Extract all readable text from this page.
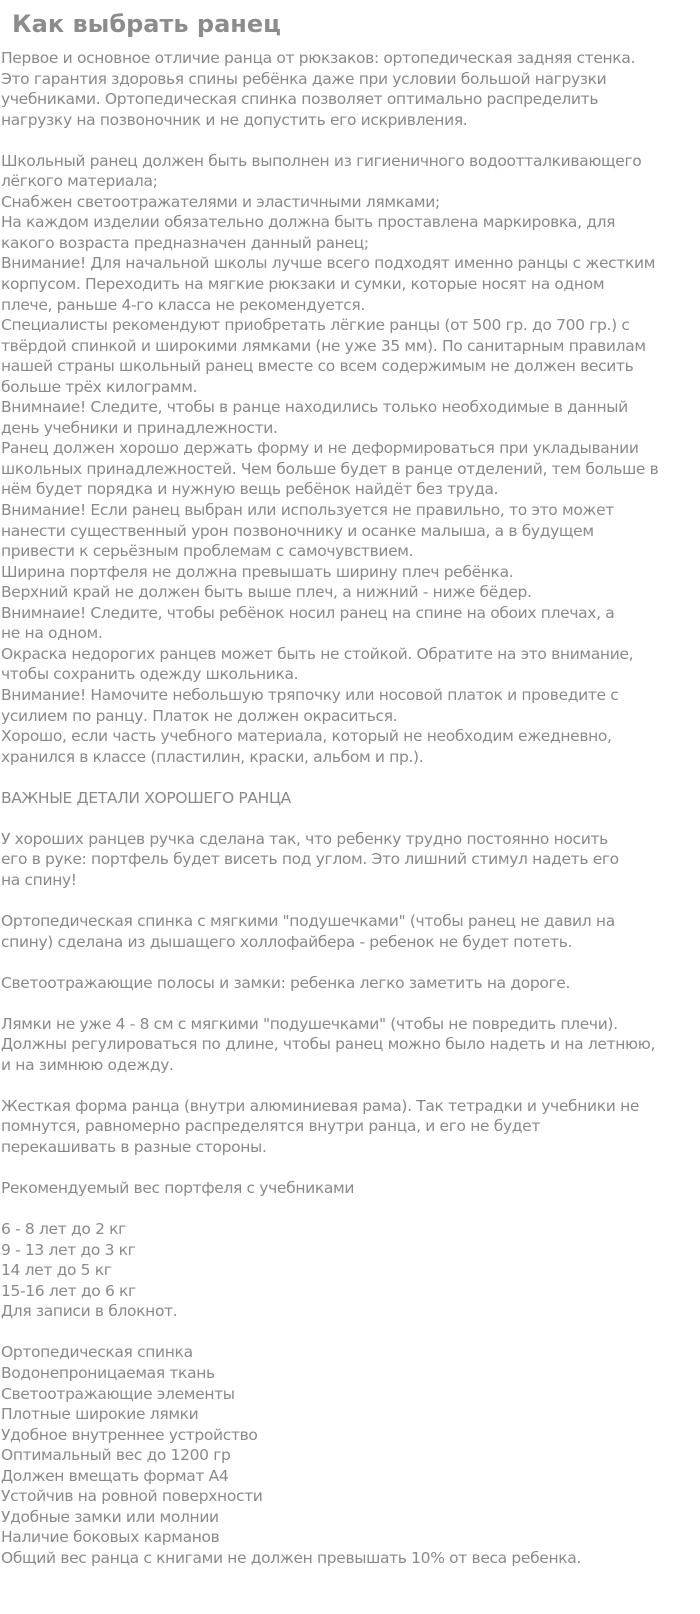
Как выбрать ранец
Первое и основное отличие ранца от рюкзаков: ортопедическая задняя стенка.
Это гарантия здоровья спины ребёнка даже при условии большой нагрузки
учебниками. Ортопедическая спинка позволяет оптимально распределить
нагрузку на позвоночник и не допустить его искривления.

Школьный ранец должен быть выполнен из гигиеничного водоотталкивающего
лёгкого материала;
Снабжен светоотражателями и эластичными лямками;
На каждом изделии обязательно должна быть проставлена маркировка, для
какого возраста предназначен данный ранец;
Внимание! Для начальной школы лучше всего подходят именно ранцы с жестким
корпусом. Переходить на мягкие рюкзаки и сумки, которые носят на одном
плече, раньше 4-го класса не рекомендуется.
Специалисты рекомендуют приобретать лёгкие ранцы (от 500 гр. до 700 гр.) с
твёрдой спинкой и широкими лямками (не уже 35 мм). По санитарным правилам
нашей страны школьный ранец вместе со всем содержимым не должен весить
больше трёх килограмм.
Внимнаие! Следите, чтобы в ранце находились только необходимые в данный
день учебники и принадлежности.
Ранец должен хорошо держать форму и не деформироваться при укладывании
школьных принадлежностей. Чем больше будет в ранце отделений, тем больше в
нём будет порядка и нужную вещь ребёнок найдёт без труда.
Внимание! Если ранец выбран или используется не правильно, то это может
нанести существенный урон позвоночнику и осанке малыша, а в будущем
привести к серьёзным проблемам с самочувствием.
Ширина портфеля не должна превышать ширину плеч ребёнка.
Верхний край не должен быть выше плеч, а нижний - ниже бёдер.
Внимнаие! Следите, чтобы ребёнок носил ранец на спине на обоих плечах, а
не на одном.
Окраска недорогих ранцев может быть не стойкой. Обратите на это внимание,
чтобы сохранить одежду школьника.
Внимание! Намочите небольшую тряпочку или носовой платок и проведите с
усилием по ранцу. Платок не должен окраситься.
Хорошо, если часть учебного материала, который не необходим ежедневно,
хранился в классе (пластилин, краски, альбом и пр.).

ВАЖНЫЕ ДЕТАЛИ ХОРОШЕГО РАНЦА

У хороших ранцев ручка сделана так, что ребенку трудно постоянно носить
его в руке: портфель будет висеть под углом. Это лишний стимул надеть его
на спину!

Ортопедическая спинка с мягкими "подушечками" (чтобы ранец не давил на
спину) сделана из дышащего холлофайбера - ребенок не будет потеть.

Светоотражающие полосы и замки: ребенка легко заметить на дороге.

Лямки не уже 4 - 8 см с мягкими "подушечками" (чтобы не повредить плечи).
Должны регулироваться по длине, чтобы ранец можно было надеть и на летнюю,
и на зимнюю одежду.

Жесткая форма ранца (внутри алюминиевая рама). Так тетрадки и учебники не
помнутся, равномерно распределятся внутри ранца, и его не будет
перекашивать в разные стороны.

Рекомендуемый вес портфеля с учебниками

6 - 8 лет до 2 кг
9 - 13 лет до 3 кг
14 лет до 5 кг
15-16 лет до 6 кг
Для записи в блокнот.

Ортопедическая спинка
Водонепроницаемая ткань
Светоотражающие элементы
Плотные широкие лямки
Удобное внутреннее устройство
Оптимальный вес до 1200 гр
Должен вмещать формат А4
Устойчив на ровной поверхности
Удобные замки или молнии
Наличие боковых карманов
Общий вес ранца с книгами не должен превышать 10% от веса ребенка.
